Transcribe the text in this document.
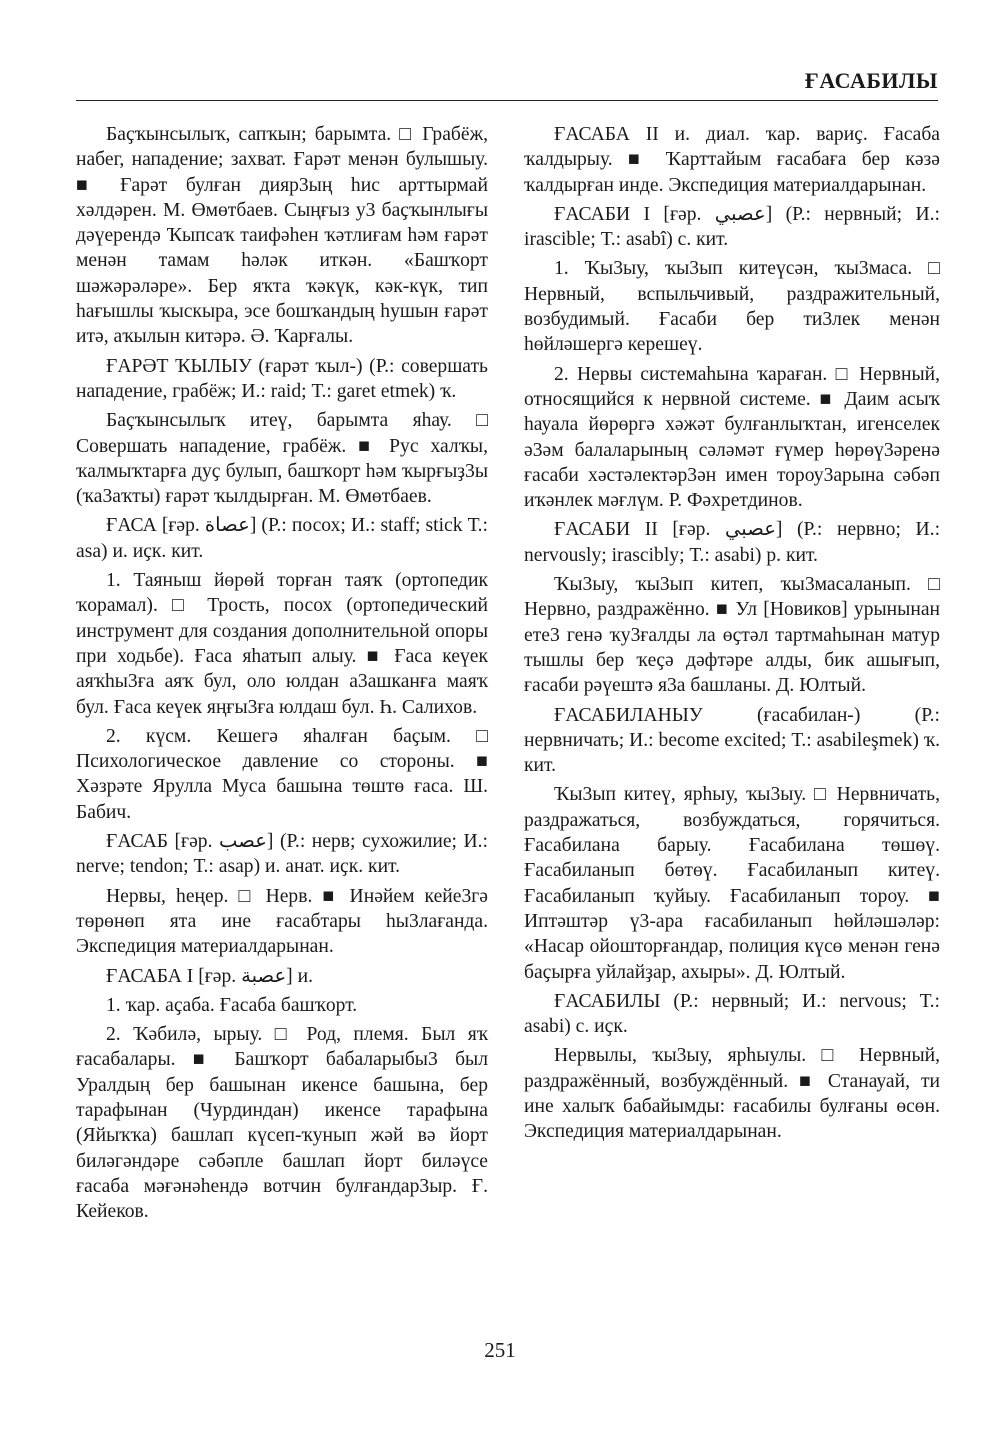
ҒАСАБИЛЫ

Баҫҡынсылыҡ, сапҡын; барымта. □ Грабёж, набег, нападение; захват. Ғарәт менән булышыу. ■ Ғарәт булған дияр3ың һис арттырмай хәлдәрен. М. Өмөтбаев. Сыңғыз у3 баҫҡынлығы дәүерендә Ҡыпсаҡ таифәһен ҡәтлиғам һәм ғарәт менән тамам һәләк иткән. «Башҡорт шәжәрәләре». Бер яҡта ҡәкүк, кәк-күк, тип һағышлы ҡыскыра, эсе бошҡандың һушын ғарәт итә, аҡылын китәрә. Ә. Ҡарғалы.

ҒАРӘТ ҠЫЛЫУ (ғарәт ҡыл-) (Р.: совершать нападение, грабёж; И.: raid; Т.: garet etmek) ҡ.

Баҫҡынсылыҡ итеү, барымта яһау. □ Совершать нападение, грабёж. ■ Рус халҡы, ҡалмыҡтарға дуҫ булып, башҡорт һәм ҡырғыҙ3ы (ҡа3аҡты) ғарәт ҡылдырған. М. Өмөтбаев.

ҒАСА [ғәр. عصاة] (Р.: посох; И.: staff; stick Т.: asa) и. иҫк. кит.

1. Таяныш йөрөй торған таяҡ (ортопедик ҡорамал). □ Трость, посох (ортопедический инструмент для создания дополнительной опоры при ходьбе). Ғаса яһатып алыу. ■ Ғаса кеүек аяҡһы3ға аяҡ бул, оло юлдан а3ашканға маяҡ бул. Ғаса кеүек яңғы3ға юлдаш бул. Һ. Салихов.

2. күсм. Кешегә яһалған баҫым. □ Психологическое давление со стороны. ■ Хәзрәте Ярулла Муса башына төштө ғаса. Ш. Бабич.

ҒАСАБ [ғәр. عصب] (Р.: нерв; сухожилие; И.: nerve; tendon; Т.: asap) и. анат. иҫк. кит.

Нервы, һеңер. □ Нерв. ■ Инәйем кейе3гә төрөнөп ята ине ғасабтары һы3лағанда. Экспедиция материалдарынан.

ҒАСАБА I [ғәр. عصبة] и.

1. ҡар. аҫаба. Ғасаба башҡорт.

2. Ҡәбилә, ырыу. □ Род, племя. Был яҡ ғасабалары. ■ Башҡорт бабаларыбы3 был Уралдың бер башынан икенсе башына, бер тарафынан (Чурдиндан) икенсе тарафына (Яйыҡҡа) башлап күсеп-ҡунып жәй вә йорт биләгәндәре сәбәпле башлап йорт биләүсе ғасаба мәғәнәһендә вотчин булғандар3ыр. Ғ. Кейеков.

ҒАСАБА II и. диал. ҡар. вариҫ. Ғасаба ҡалдырыу. ■ Ҡарттайым ғасабаға бер кәзә ҡалдырған инде. Экспедиция материалдарынан.

ҒАСАБИ I [ғәр. عصبي] (Р.: нервный; И.: irascible; Т.: asabî) с. кит.

1. Ҡы3ыу, ҡы3ып китеүсән, ҡы3маса. □ Нервный, вспыльчивый, раздражительный, возбудимый. Ғасаби бер ти3лек менән һөйләшергә керешеү.

2. Нервы системаһына ҡараған. □ Нервный, относящийся к нервной системе. ■ Даим асыҡ һауала йөрөргә хәжәт булғанлыҡтан, игенселек ә3әм балаларының сәләмәт ғүмер һөрөү3әренә ғасаби хәстәлектәр3ән имен тороу3арына сәбәп иҡәнлек мәғлүм. Р. Фәхретдинов.

ҒАСАБИ II [ғәр. عصبي] (Р.: нервно; И.: nervously; irascibly; Т.: asabi) р. кит.

Ҡы3ыу, ҡы3ып китеп, ҡы3масаланып. □ Нервно, раздражённо. ■ Ул [Новиков] урынынан ете3 генә ҡу3ғалды ла өҫтәл тартмаһынан матур тышлы бер ҡеҫә дәфтәре алды, бик ашығып, ғасаби рәүештә я3а башланы. Д. Юлтый.

ҒАСАБИЛАНЫУ (ғасабилан-) (Р.: нервничать; И.: become excited; Т.: asabileşmek) ҡ. кит.

Ҡы3ып китеү, ярһыу, ҡы3ыу. □ Нервничать, раздражаться, возбуждаться, горячиться. Ғасабилана барыу. Ғасабилана төшөү. Ғасабиланып бөтөү. Ғасабиланып китеү. Ғасабиланып ҡуйыу. Ғасабиланып тороу. ■ Иптәштәр ү3-ара ғасабиланып һөйләшәләр: «Насар ойошторғандар, полиция күсө менән генә баҫырға уйлайҙар, ахыры». Д. Юлтый.

ҒАСАБИЛЫ (Р.: нервный; И.: nervous; Т.: asabi) с. иҫк.

Нервылы, ҡы3ыу, ярһыулы. □ Нервный, раздражённый, возбуждённый. ■ Станауай, ти ине халыҡ бабайымды: ғасабилы булғаны өсөн. Экспедиция материалдарынан.

251
